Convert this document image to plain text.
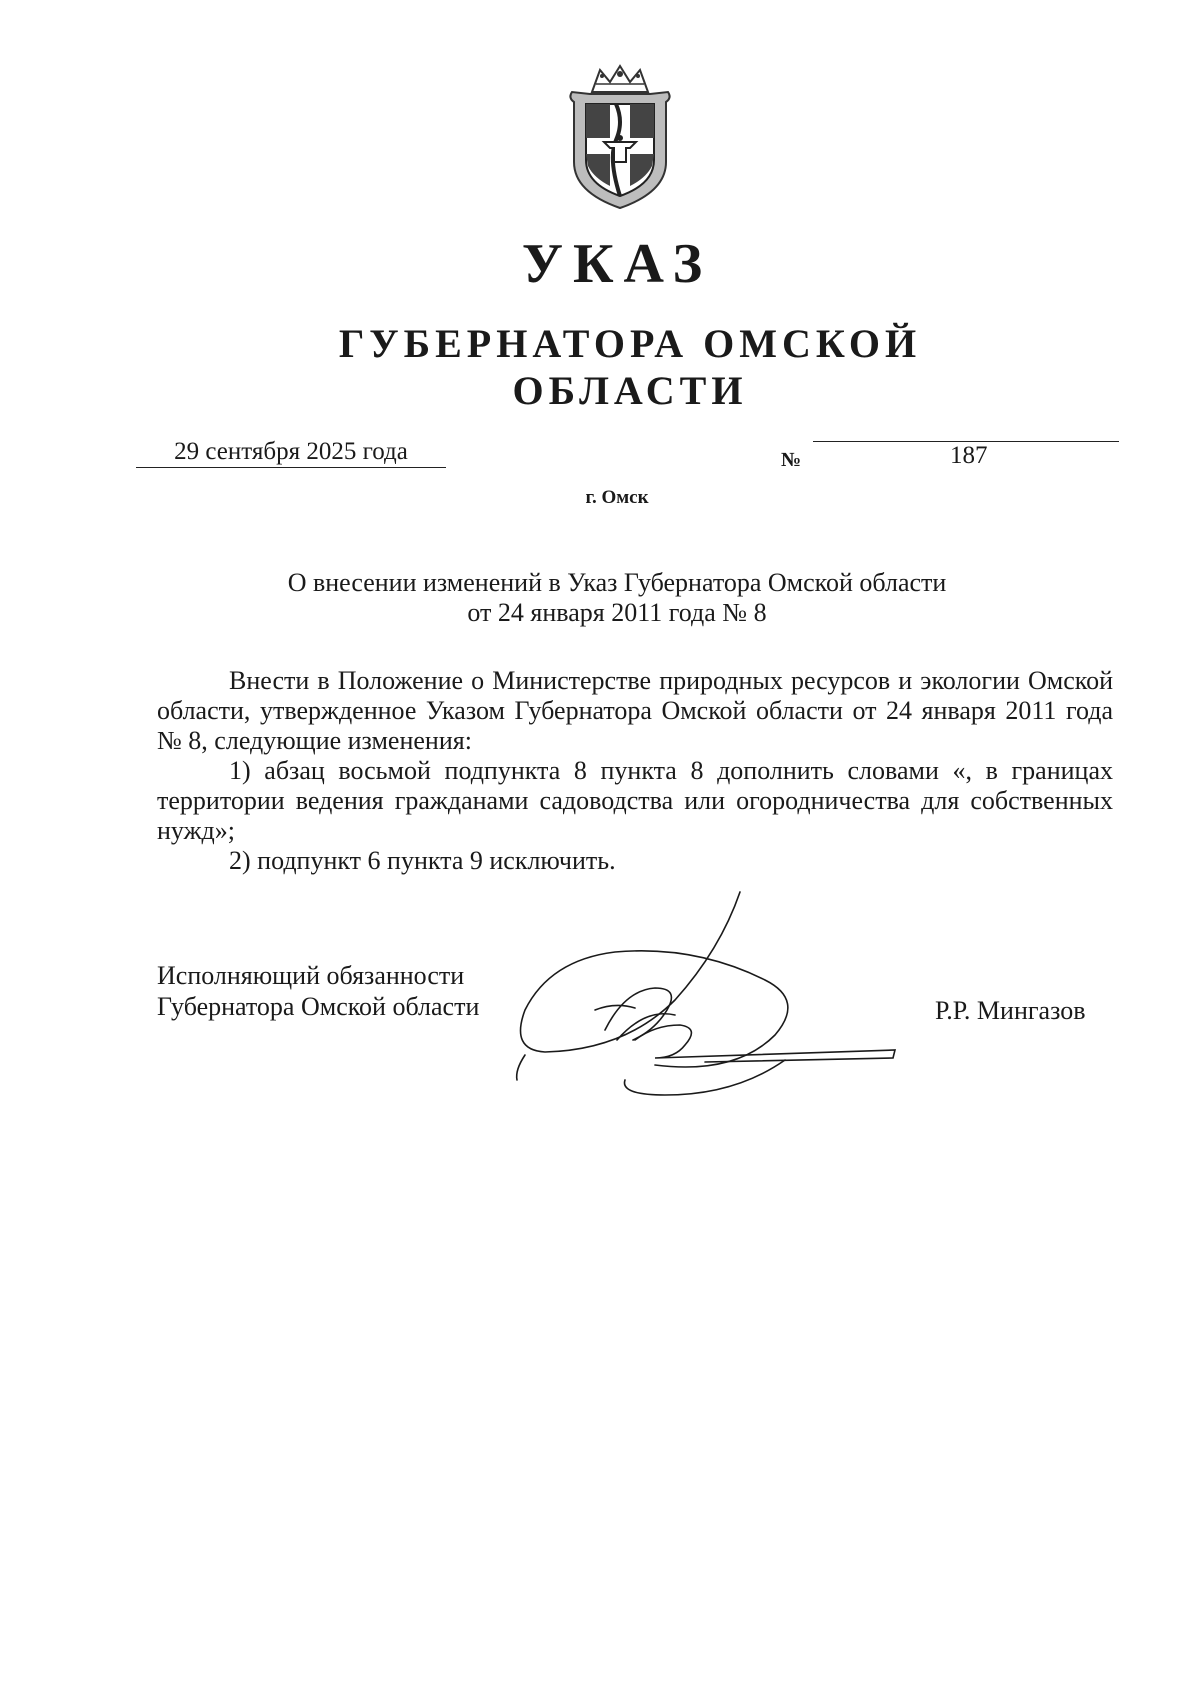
УКАЗ
ГУБЕРНАТОРА ОМСКОЙ ОБЛАСТИ
29 сентября 2025 года	№	187
г. Омск
О внесении изменений в Указ Губернатора Омской области
от 24 января 2011 года № 8

Внести в Положение о Министерстве природных ресурсов и экологии Омской области, утвержденное Указом Губернатора Омской области от 24 января 2011 года № 8, следующие изменения:

1) абзац восьмой подпункта 8 пункта 8 дополнить словами «, в границах территории ведения гражданами садоводства или огородничества для собственных нужд»;

2) подпункт 6 пункта 9 исключить.

Исполняющий обязанности
Губернатора Омской области	Р.Р. Мингазов
